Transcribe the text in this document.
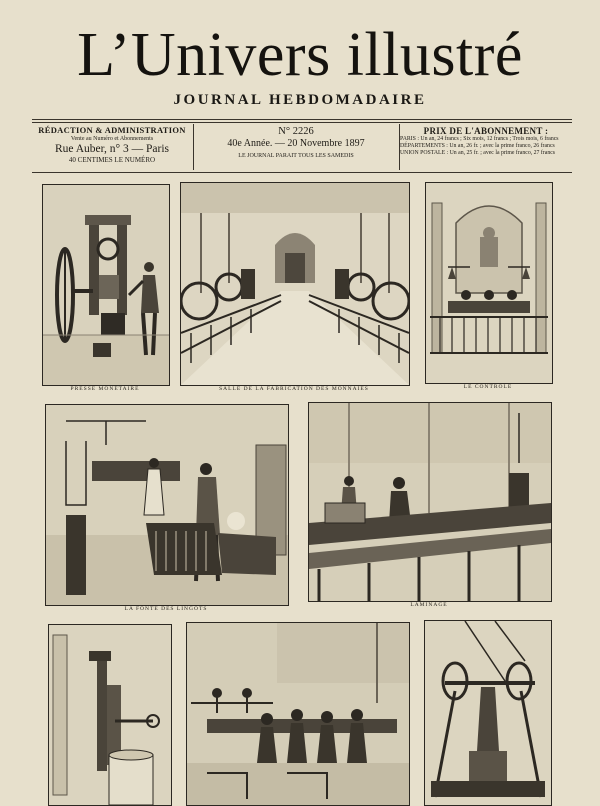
L’Univers illustré
JOURNAL HEBDOMADAIRE
RÉDACTION & ADMINISTRATION
Vente au Numéro et Abonnements
Rue Auber, n° 3 — Paris
40 CENTIMES LE NUMÉRO
N° 2226
40e Année. — 20 Novembre 1897
LE JOURNAL PARAIT TOUS LES SAMEDIS
PRIX DE L'ABONNEMENT :
PARIS : Un an, 24 francs ; Six mois, 12 francs ; Trois mois, 6 francs
DÉPARTEMENTS : Un an, 26 fr. ; avec la prime franco, 26 francs
UNION POSTALE : Un an, 25 fr. ; avec la prime franco, 27 francs
PRESSE MONÉTAIRE	SALLE DE LA FABRICATION DES MONNAIES	LE CONTROLE
LA FONTE DES LINGOTS
LAMINAGE
